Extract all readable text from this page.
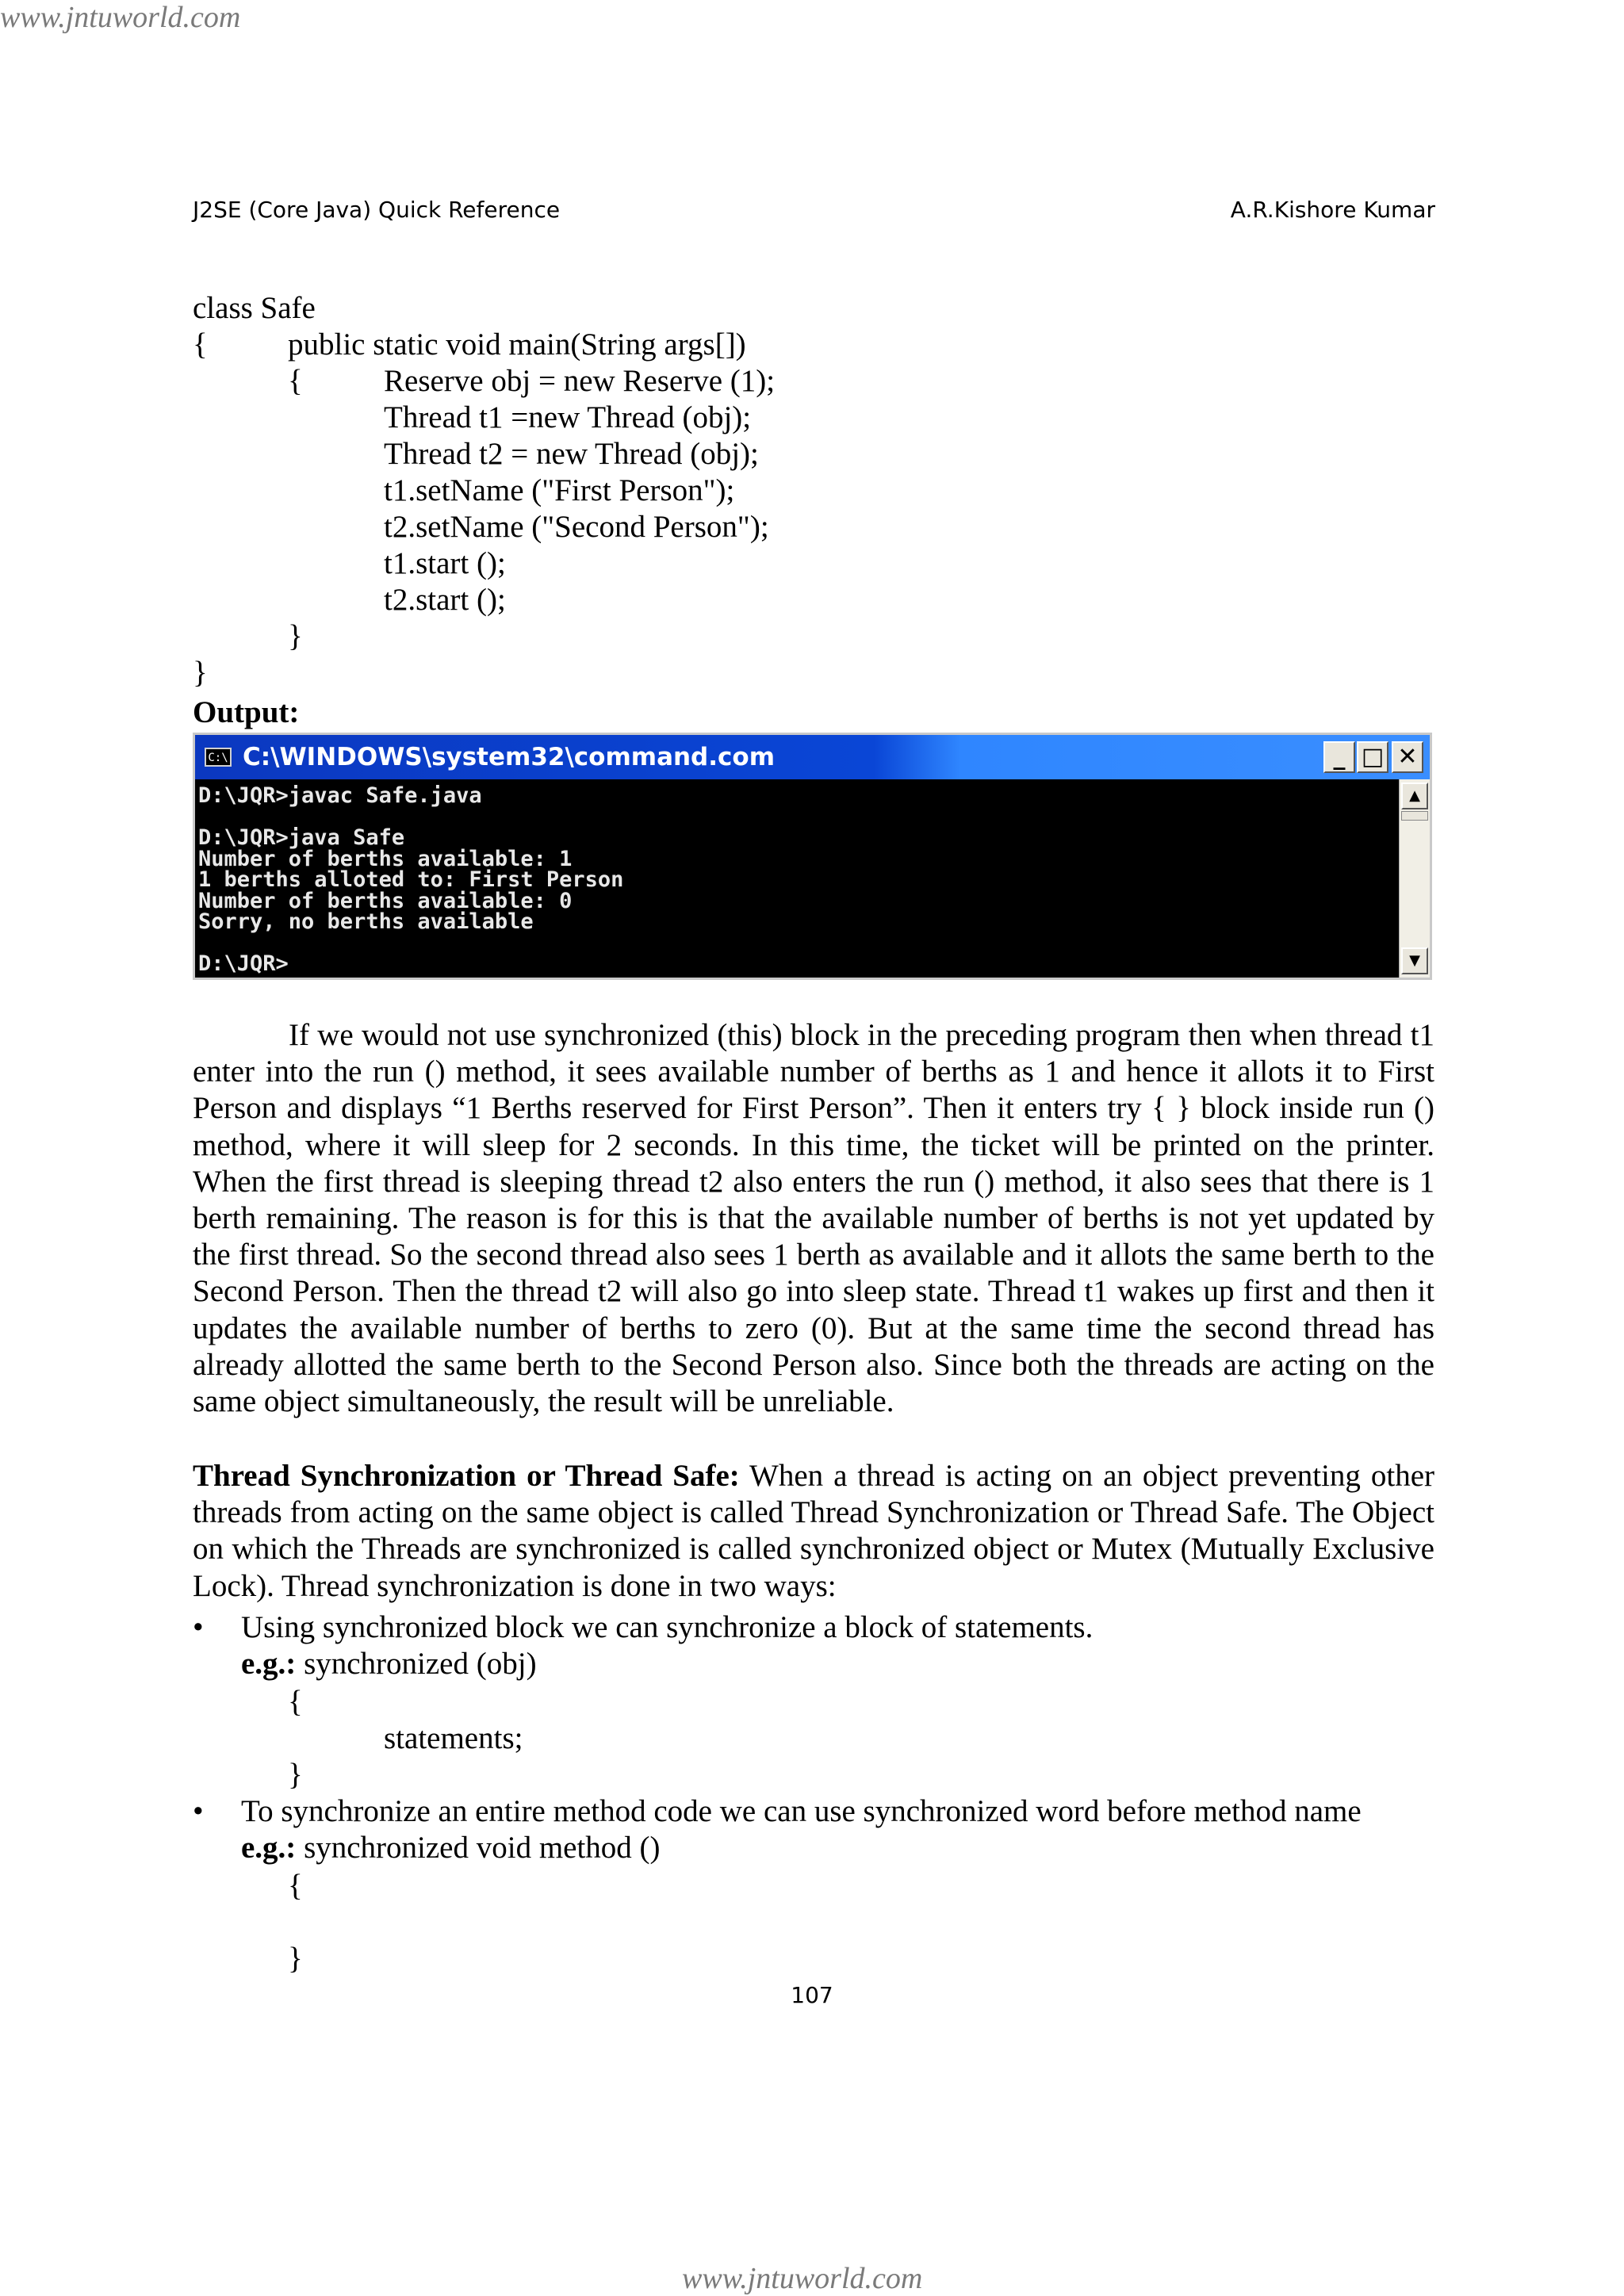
www.jntuworld.com
J2SE (Core Java) Quick Reference	A.R.Kishore Kumar
class Safe
{	public static void main(String args[])
{	Reserve obj = new Reserve (1);
Thread t1 =new Thread (obj);
Thread t2 = new Thread (obj);
t1.setName ("First Person");
t2.setName ("Second Person");
t1.start ();
t2.start ();
}
}
Output:
C:\ C:\WINDOWS\system32\command.com	_ □ ✕
D:\JQR>javac Safe.java

D:\JQR>java Safe
Number of berths available: 1
1 berths alloted to: First Person
Number of berths available: 0
Sorry, no berths available

D:\JQR>
▲
▼

If we would not use synchronized (this) block in the preceding program then when thread t1 enter into the run () method, it sees available number of berths as 1 and hence it allots it to First Person and displays “1 Berths reserved for First Person”. Then it enters try { } block inside run () method, where it will sleep for 2 seconds. In this time, the ticket will be printed on the printer. When the first thread is sleeping thread t2 also enters the run () method, it also sees that there is 1 berth remaining. The reason is for this is that the available number of berths is not yet updated by the first thread. So the second thread also sees 1 berth as available and it allots the same berth to the Second Person. Then the thread t2 will also go into sleep state. Thread t1 wakes up first and then it updates the available number of berths to zero (0). But at the same time the second thread has already allotted the same berth to the Second Person also. Since both the threads are acting on the same object simultaneously, the result will be unreliable.

Thread Synchronization or Thread Safe: When a thread is acting on an object preventing other threads from acting on the same object is called Thread Synchronization or Thread Safe. The Object on which the Threads are synchronized is called synchronized object or Mutex (Mutually Exclusive Lock). Thread synchronization is done in two ways:

• Using synchronized block we can synchronize a block of statements.
e.g.: synchronized (obj)
{
statements;
}
• To synchronize an entire method code we can use synchronized word before method name
e.g.: synchronized void method ()
{
}
107
www.jntuworld.com
